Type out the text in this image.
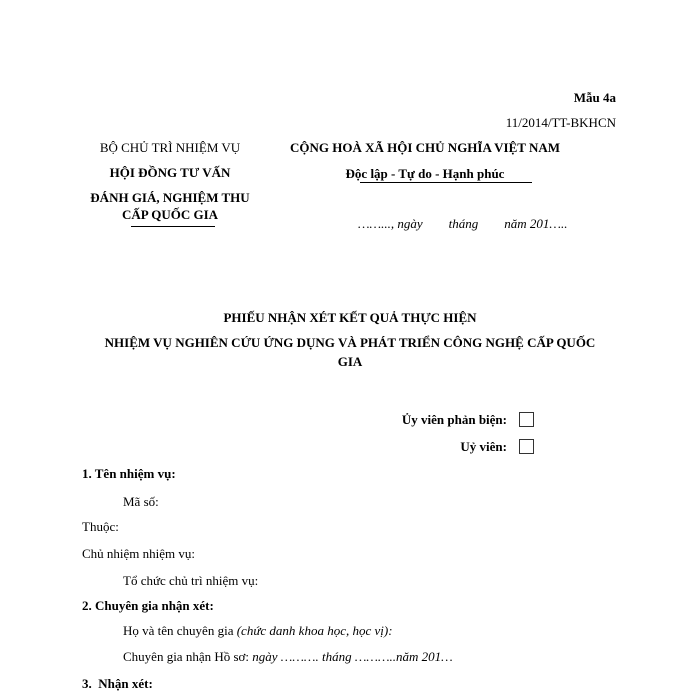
Mẫu 4a
11/2014/TT-BKHCN
BỘ CHỦ TRÌ NHIỆM VỤ
HỘI ĐỒNG TƯ VẤN
ĐÁNH GIÁ, NGHIỆM THU
CẤP QUỐC GIA
CỘNG HOÀ XÃ HỘI CHỦ NGHĨA VIỆT NAM
Độc lập - Tự do - Hạnh phúc
……..., ngày        tháng        năm 201…..
PHIẾU NHẬN XÉT KẾT QUẢ THỰC HIỆN
NHIỆM VỤ NGHIÊN CỨU ỨNG DỤNG VÀ PHÁT TRIỂN CÔNG NGHỆ CẤP QUỐC
GIA
Ủy viên phản biện:
Uỷ viên:
1. Tên nhiệm vụ:
Mã số:
Thuộc:
Chủ nhiệm nhiệm vụ:
Tổ chức chủ trì nhiệm vụ:
2. Chuyên gia nhận xét:
Họ và tên chuyên gia (chức danh khoa học, học vị):
Chuyên gia nhận Hồ sơ: ngày ………. tháng ………..năm 201…
3.  Nhận xét:
